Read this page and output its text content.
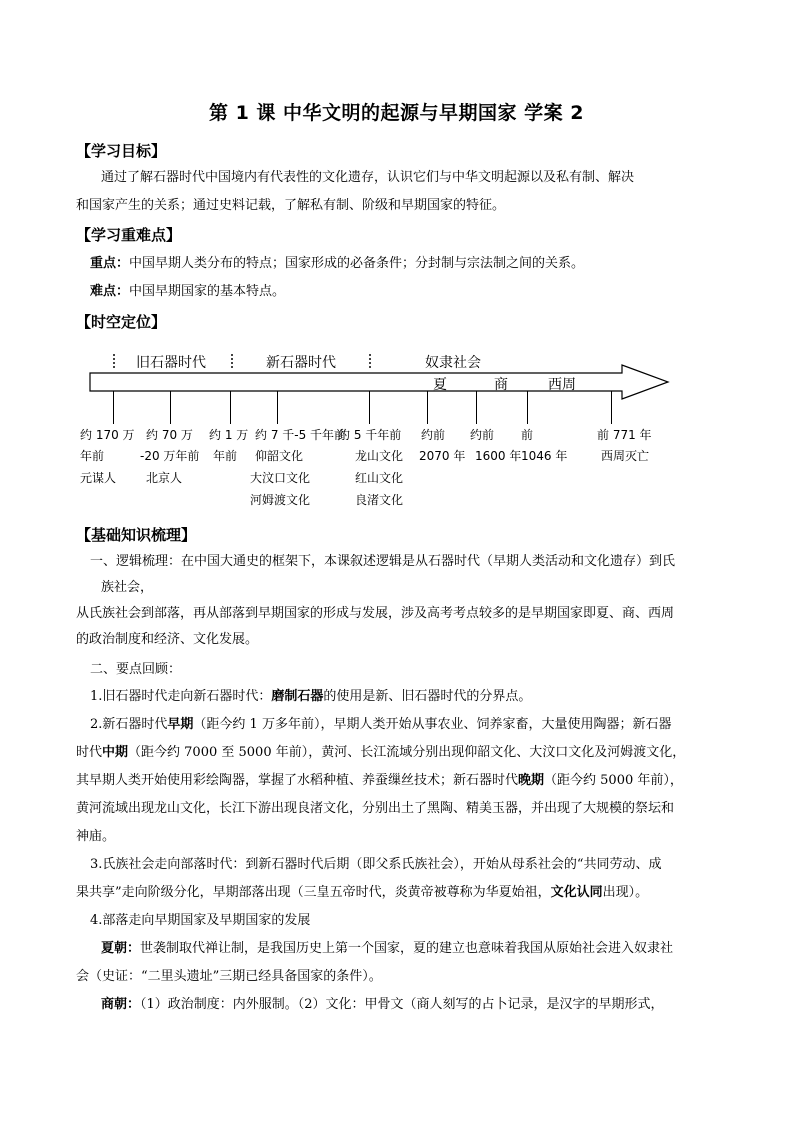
第 1 课 中华文明的起源与早期国家 学案 2
【学习目标】
通过了解石器时代中国境内有代表性的文化遗存，认识它们与中华文明起源以及私有制、解决
和国家产生的关系；通过史料记载，了解私有制、阶级和早期国家的特征。
【学习重难点】
重点：中国早期人类分布的特点；国家形成的必备条件；分封制与宗法制之间的关系。
难点：中国早期国家的基本特点。
【时空定位】
旧石器时代	新石器时代	奴隶社会
夏	商	西周
约 170 万
年前
元谋人
约 70 万
-20 万年前
北京人
约 1 万
年前
约 7 千-5 千年前
仰韶文化
大汶口文化
河姆渡文化
约 5 千年前
龙山文化
红山文化
良渚文化
约前
2070 年
约前
1600 年
前
1046 年
前 771 年
西周灭亡
【基础知识梳理】
一、逻辑梳理：在中国大通史的框架下，本课叙述逻辑是从石器时代（早期人类活动和文化遗存）到氏
族社会，
从氏族社会到部落，再从部落到早期国家的形成与发展，涉及高考考点较多的是早期国家即夏、商、西周
的政治制度和经济、文化发展。
二、要点回顾：
1.旧石器时代走向新石器时代：磨制石器的使用是新、旧石器时代的分界点。
2.新石器时代早期（距今约 1 万多年前），早期人类开始从事农业、饲养家畜，大量使用陶器；新石器
时代中期（距今约 7000 至 5000 年前），黄河、长江流域分别出现仰韶文化、大汶口文化及河姆渡文化，
其早期人类开始使用彩绘陶器，掌握了水稻种植、养蚕缫丝技术；新石器时代晚期（距今约 5000 年前），
黄河流域出现龙山文化，长江下游出现良渚文化，分别出土了黑陶、精美玉器，并出现了大规模的祭坛和
神庙。
3.氏族社会走向部落时代：到新石器时代后期（即父系氏族社会），开始从母系社会的“共同劳动、成
果共享”走向阶级分化，早期部落出现（三皇五帝时代，炎黄帝被尊称为华夏始祖，文化认同出现）。
4.部落走向早期国家及早期国家的发展
夏朝：世袭制取代禅让制，是我国历史上第一个国家，夏的建立也意味着我国从原始社会进入奴隶社
会（史证：“二里头遗址”三期已经具备国家的条件）。
商朝：（1）政治制度：内外服制。（2）文化：甲骨文（商人刻写的占卜记录，是汉字的早期形式，
